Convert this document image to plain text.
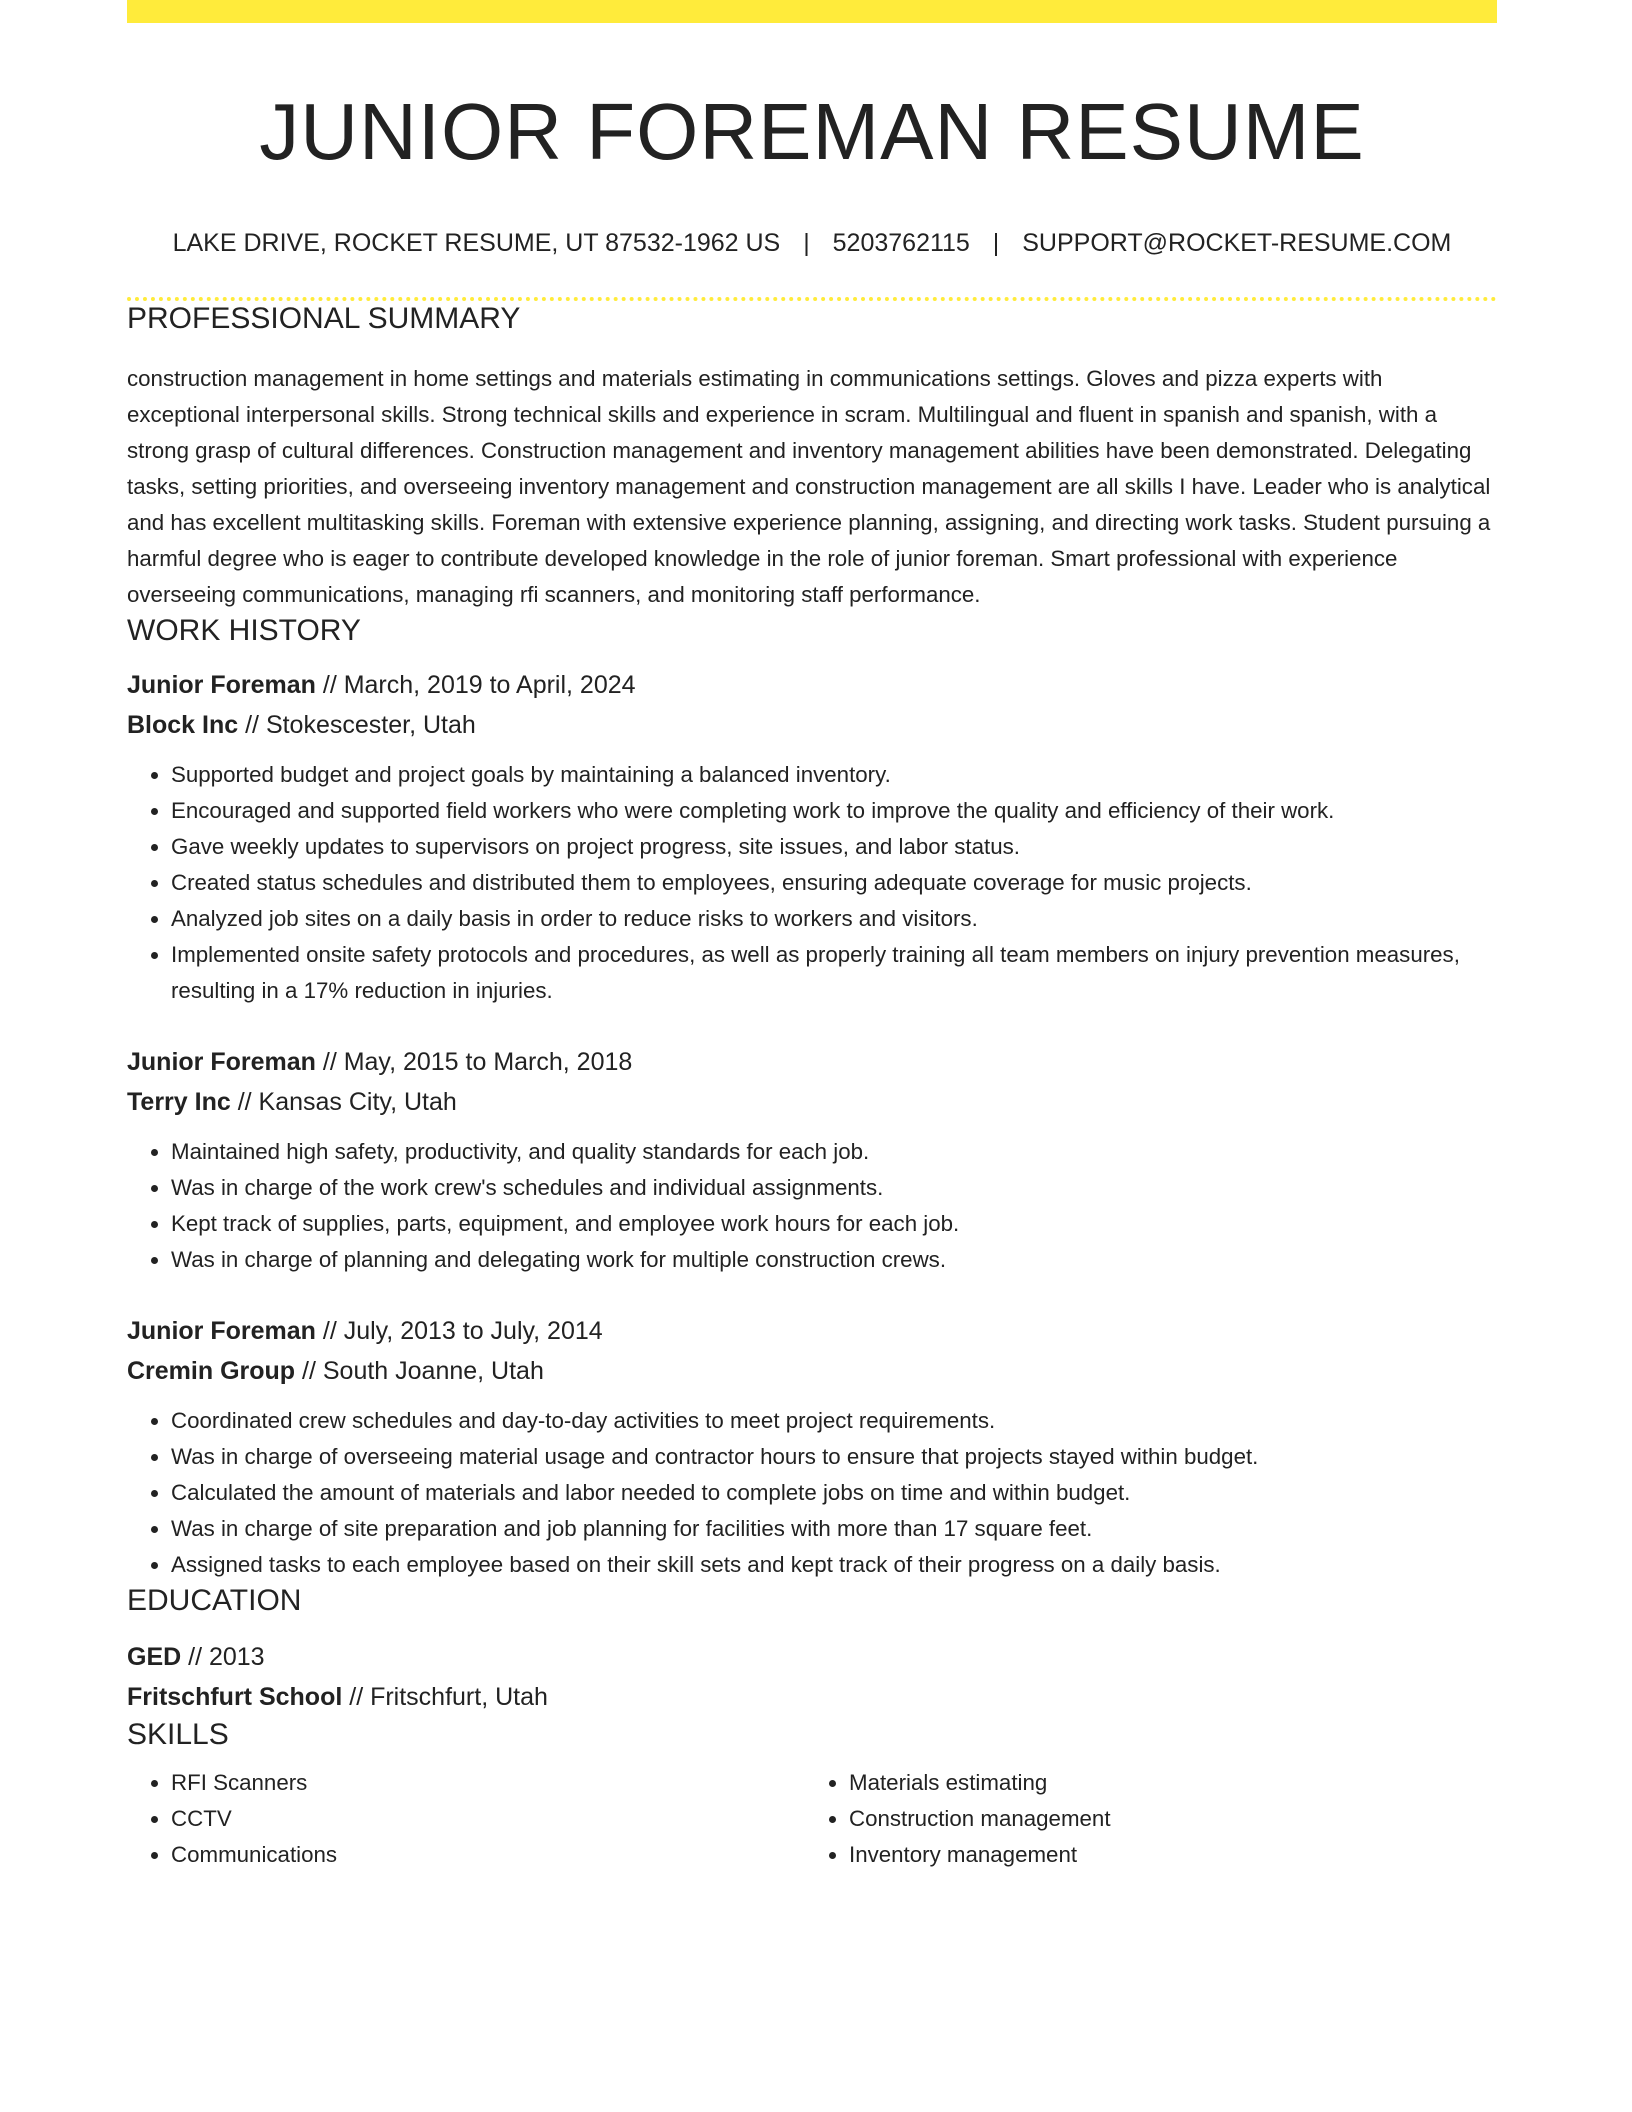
JUNIOR FOREMAN RESUME
LAKE DRIVE, ROCKET RESUME, UT 87532-1962 US | 5203762115 | SUPPORT@ROCKET-RESUME.COM
PROFESSIONAL SUMMARY

construction management in home settings and materials estimating in communications settings. Gloves and pizza experts with exceptional interpersonal skills. Strong technical skills and experience in scram. Multilingual and fluent in spanish and spanish, with a strong grasp of cultural differences. Construction management and inventory management abilities have been demonstrated. Delegating tasks, setting priorities, and overseeing inventory management and construction management are all skills I have. Leader who is analytical and has excellent multitasking skills. Foreman with extensive experience planning, assigning, and directing work tasks. Student pursuing a harmful degree who is eager to contribute developed knowledge in the role of junior foreman. Smart professional with experience overseeing communications, managing rfi scanners, and monitoring staff performance.

WORK HISTORY
Junior Foreman // March, 2019 to April, 2024
Block Inc // Stokescester, Utah
• Supported budget and project goals by maintaining a balanced inventory.
• Encouraged and supported field workers who were completing work to improve the quality and efficiency of their work.
• Gave weekly updates to supervisors on project progress, site issues, and labor status.
• Created status schedules and distributed them to employees, ensuring adequate coverage for music projects.
• Analyzed job sites on a daily basis in order to reduce risks to workers and visitors.
• Implemented onsite safety protocols and procedures, as well as properly training all team members on injury prevention measures, resulting in a 17% reduction in injuries.
Junior Foreman // May, 2015 to March, 2018
Terry Inc // Kansas City, Utah
• Maintained high safety, productivity, and quality standards for each job.
• Was in charge of the work crew's schedules and individual assignments.
• Kept track of supplies, parts, equipment, and employee work hours for each job.
• Was in charge of planning and delegating work for multiple construction crews.
Junior Foreman // July, 2013 to July, 2014
Cremin Group // South Joanne, Utah
• Coordinated crew schedules and day-to-day activities to meet project requirements.
• Was in charge of overseeing material usage and contractor hours to ensure that projects stayed within budget.
• Calculated the amount of materials and labor needed to complete jobs on time and within budget.
• Was in charge of site preparation and job planning for facilities with more than 17 square feet.
• Assigned tasks to each employee based on their skill sets and kept track of their progress on a daily basis.
EDUCATION
GED // 2013
Fritschfurt School // Fritschfurt, Utah
SKILLS
• RFI Scanners
• CCTV
• Communications
• Materials estimating
• Construction management
• Inventory management
